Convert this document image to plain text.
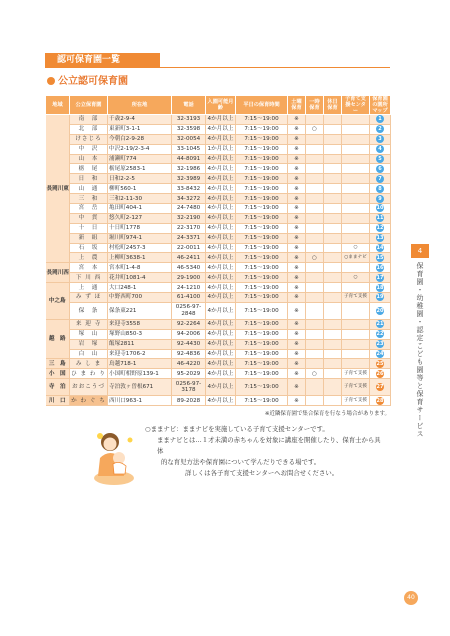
認可保育園一覧
公立認可保育園
地域	公立保育園	所在地	電話	入園可能月齢	平日の保育時間	土曜保育	一時保育	休日保育	子育て支援センター	保育園の園所マップ
長岡川東	南　部	千歳2-9-4	32-3193	4か月以上	7:15～19:00	※				1
	北　部	東新町3-1-1	32-3598	4か月以上	7:15～19:00	※	○			2
	けさじろ	今朝白2-9-28	32-0054	4か月以上	7:15～19:00	※				3
	中　沢	中沢2-19/2-3-4	33-1045	1か月以上	7:15～19:00	※				4
	山　本	浦瀬町774	44-8091	4か月以上	7:15～19:00	※				5
	栃　尾	栃尾原2583-1	32-1986	4か月以上	7:15～19:00	※				6
	日　和	日和2-2-5	32-3989	4か月以上	7:15～19:00	※				7
	山　通	柳町560-1	33-8432	4か月以上	7:15～19:00	※				8
	三　和	三和2-11-30	34-3272	4か月以上	7:15～19:00	※				9
	宮　岳	亀田町404-1	24-7480	4か月以上	7:15～19:00	※				10
	中　貫	悠久町2-127	32-2190	4か月以上	7:15～19:00	※				11
	十　日	十日町1778	22-3170	4か月以上	7:15～19:00	※				12
	新　組	堀川町974-1	24-3371	4か月以上	7:15～19:00	※				13
	石　坂	村松町2457-3	22-0011	4か月以上	7:15～19:00	※			○	14
	上　農	上柳町3638-1	46-2411	4か月以上	7:15～19:00	※	○		○ままナビ	15
長岡川西	宮　本	宮本町1-4-8	46-5340	4か月以上	7:15～19:00	※				16
	下 川 西	花井町1081-4	29-1900	4か月以上	7:15～19:00	※			○	17
中之島	上　通	大口248-1	24-1210	4か月以上	7:15～19:00	※				18
	み ず ほ	中野西町700	61-4100	4か月以上	7:15～19:00	※			子育て支援	19
	保　条	保条東221	0256-97-2848	4か月以上	7:15～19:00	※				20
越　路	来 迎 寺	来迎寺3558	92-2264	4か月以上	7:15～19:00	※				21
	塚　山	塚野山850-3	94-2006	4か月以上	7:15～19:00	※				22
	岩　塚	飯塚2811	92-4430	4か月以上	7:15～19:00	※				23
	白　山	来迎寺1706-2	92-4836	4か月以上	7:15～19:00	※				24
三　島	み し ま	鳥越718-1	46-4220	4か月以上	7:15～19:00	※				25
小　国	ひ ま わ り	小国町相野原139-1	95-2029	4か月以上	7:15～19:00	※	○		子育て支援	26
寺　泊	おおこうづ	寺泊敦ヶ曽根671	0256-97-3178	4か月以上	7:15～19:00	※			子育て支援	27
川　口	か わ ぐ ち	西川口963-1	89-2028	4か月以上	7:15～19:00	※			子育て支援	28
※近隣保育園で集合保育を行なう場合があります。
4
保育園・幼稚園・認定こども園等と保育サービス

○ままナビ：ままナビを実施している子育て支援センターです。

ままナビとは…１才未満の赤ちゃんを対象に講座を開催したり、保育士から具体

的な育児方法や保育園について学んだりできる場です。

詳しくは各子育て支援センターへお問合せください。

40
